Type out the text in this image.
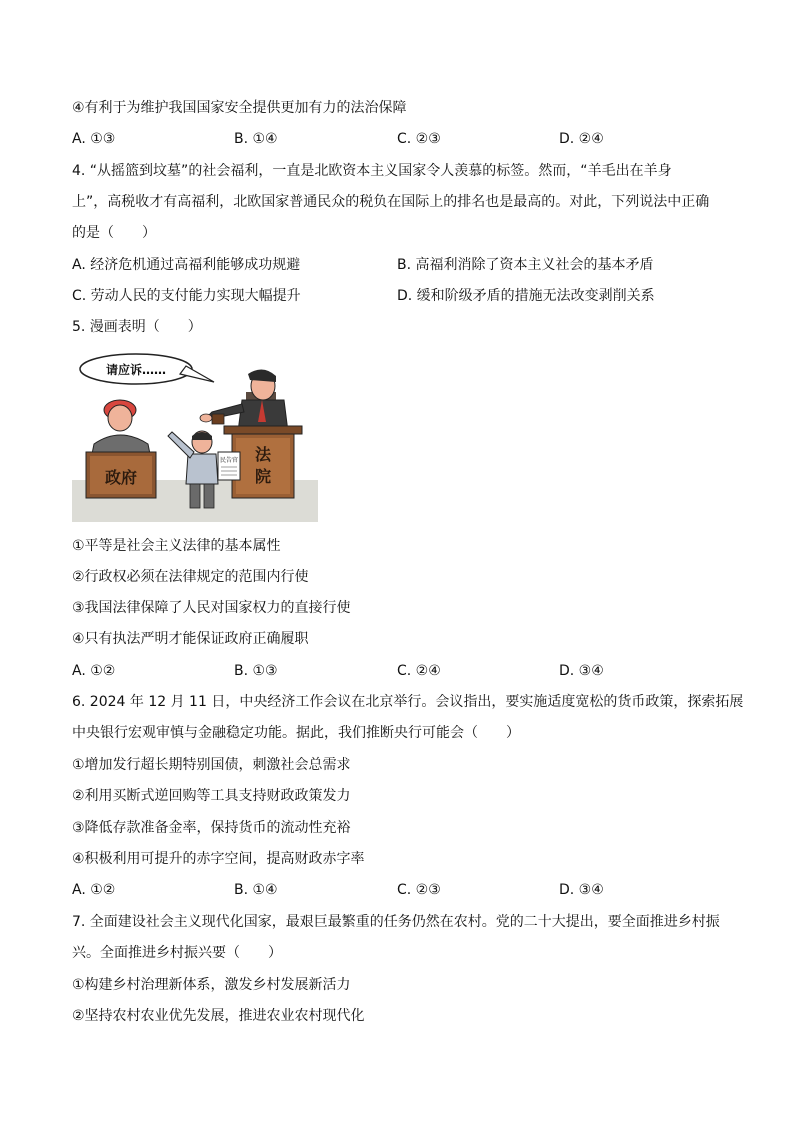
④有利于为维护我国国家安全提供更加有力的法治保障
A. ①③	B. ①④	C. ②③	D. ②④
4. “从摇篮到坟墓”的社会福利，一直是北欧资本主义国家令人羡慕的标签。然而，“羊毛出在羊身
上”，高税收才有高福利，北欧国家普通民众的税负在国际上的排名也是最高的。对此，下列说法中正确
的是（　　）
A. 经济危机通过高福利能够成功规避	B. 高福利消除了资本主义社会的基本矛盾
C. 劳动人民的支付能力实现大幅提升	D. 缓和阶级矛盾的措施无法改变剥削关系
5. 漫画表明（　　）
请应诉……
政府
法
院
民告官
①平等是社会主义法律的基本属性
②行政权必须在法律规定的范围内行使
③我国法律保障了人民对国家权力的直接行使
④只有执法严明才能保证政府正确履职
A. ①②	B. ①③	C. ②④	D. ③④
6. 2024 年 12 月 11 日，中央经济工作会议在北京举行。会议指出，要实施适度宽松的货币政策，探索拓展
中央银行宏观审慎与金融稳定功能。据此，我们推断央行可能会（　　）
①增加发行超长期特别国债，刺激社会总需求
②利用买断式逆回购等工具支持财政政策发力
③降低存款准备金率，保持货币的流动性充裕
④积极利用可提升的赤字空间，提高财政赤字率
A. ①②	B. ①④	C. ②③	D. ③④
7. 全面建设社会主义现代化国家，最艰巨最繁重的任务仍然在农村。党的二十大提出，要全面推进乡村振
兴。全面推进乡村振兴要（　　）
①构建乡村治理新体系，激发乡村发展新活力
②坚持农村农业优先发展，推进农业农村现代化
